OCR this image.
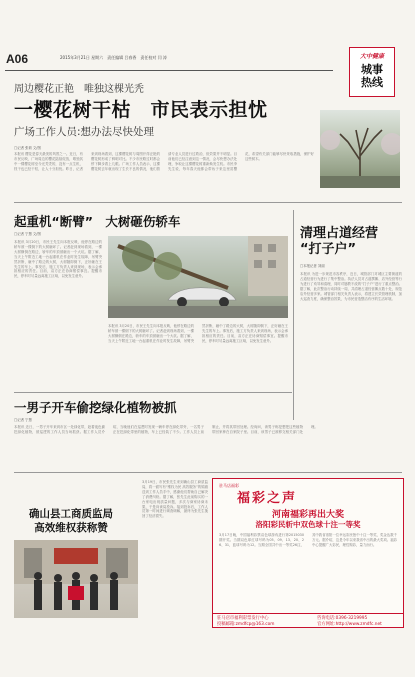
A06	2015年3月21日 星期六　责任编辑 吕春香　责任校对 闫 涛	大中健康
城事
热线
周边樱花正艳　唯独这棵光秃
一樱花树干枯　市民表示担忧
广场工作人员:想办法尽快处理
□记者 张莉 文/图
本报讯 樱花是春天最美的风景之一。近日，有市民反映，广场周边的樱花陆续绽放，唯独其中一棵樱花树至今光秃秃的，没有一点生机，枝干也已经干枯，让人十分担忧。昨日，记者来到现场看到，这棵樱花树与周围开得正艳的樱花树形成了鲜明对比。不少市民路过时都会停下脚步看上几眼。广场工作人员表示，这棵樱花树去年就出现了生长不良的情况，他们曾请专业人员进行过救治，但效果并不明显。目前他们已经注意到这一情况，会尽快想办法处理，争取让这棵樱花树重新焕发生机。市民李先生说，每年春天他都会带孩子来这里赏樱花，希望有关部门能够尽快采取措施，保护好这些树木。
起重机“断臂”　大树砸伤轿车
□记者 宁慧 文/图
本报讯 3月20日，市民王先生向本报反映，他停在路边的轿车被一棵倒下的大树砸坏了。记者赶到现场看到，一棵大树横倒在路边，轿车的车顶被砸出一个大坑。据了解，当天上午附近工地一台起重机在作业时发生故障，吊臂突然折断，砸中了路边的大树，大树随即倒下，正好砸在王先生的车上。事发后，施工方负责人来到现场，表示会承担相应的责任。目前，双方正在协商赔偿事宜。提醒市民，停车时尽量远离施工区域，以免发生意外。
本报讯 3月20日，市民王先生向本报反映，他停在路边的轿车被一棵倒下的大树砸坏了。记者赶到现场看到，一棵大树横倒在路边，轿车的车顶被砸出一个大坑。据了解，当天上午附近工地一台起重机在作业时发生故障，吊臂突然折断，砸中了路边的大树，大树随即倒下，正好砸在王先生的车上。事发后，施工方负责人来到现场，表示会承担相应的责任。目前，双方正在协商赔偿事宜。提醒市民，停车时尽量远离施工区域，以免发生意外。
清理占道经营
“打子户”
□本报记者 刘丽
本报讯 为进一步规范市容秩序，近日，城管部门对城区主要街道的占道经营行为进行了集中整治。执法人员对占道摆摊、店外经营等行为进行了劝导和清理，同时对屡教不改的“打子户”进行了重点整治。据了解，此次整治行动持续一周，共清理占道经营摊点数十处，规范店外经营多家。城管部门相关负责人表示，将建立长效管理机制，加大巡查力度，确保整治效果，为市民营造整洁有序的生活环境。
一男子开车偷挖绿化植物被抓
□记者 宁慧
本报讯 近日，一男子开车来到市区一处绿化带，趁着夜色偷挖绿化植物，被巡逻的工作人员当场抓获。据工作人员介绍，当晚他们在巡逻时发现一辆车停在绿化带旁，一名男子正在挖绿化带里的植物，车上已经装了不少。工作人员上前制止，并将其带回处理。经询问，该男子称是想把这些植物带回家种在自家院子里。目前，该男子已被移交相关部门处理。
确山县工商质监局
高效维权获称赞
3月19日，市民张先生来到确山县工商质监局，将一面写有“维权为民 高效服务”的锦旗送到工作人员手中，感谢他们帮助自己解决了消费纠纷。据了解，张先生此前购买的一台家电出现质量问题，多次与商家协商未果，于是向该局投诉。接到投诉后，工作人员第一时间进行调查调解，最终为张先生挽回了经济损失。
驻马店福彩
福彩之声
河南福彩再出大奖
洛阳彩民斩中双色球十注一等奖
3月17日晚，中国福利彩票双色球游戏进行第2015030期开奖。当期双色球红球号码为05、09、13、20、26、31，蓝球号码为12。当期全国共中出一等奖26注，其中我省洛阳一位幸运彩民独中十注一等奖，奖金达数千万元。据介绍，这是今年以来我省中出的最大奖项。福彩中心提醒广大彩民，理性购彩，量力而行。
驻马店市福利彩票发行中心
投稿邮箱:zmdfcp@163.com
咨询电话:0396-3219995
官方网址:http://www.zmdfc.net
